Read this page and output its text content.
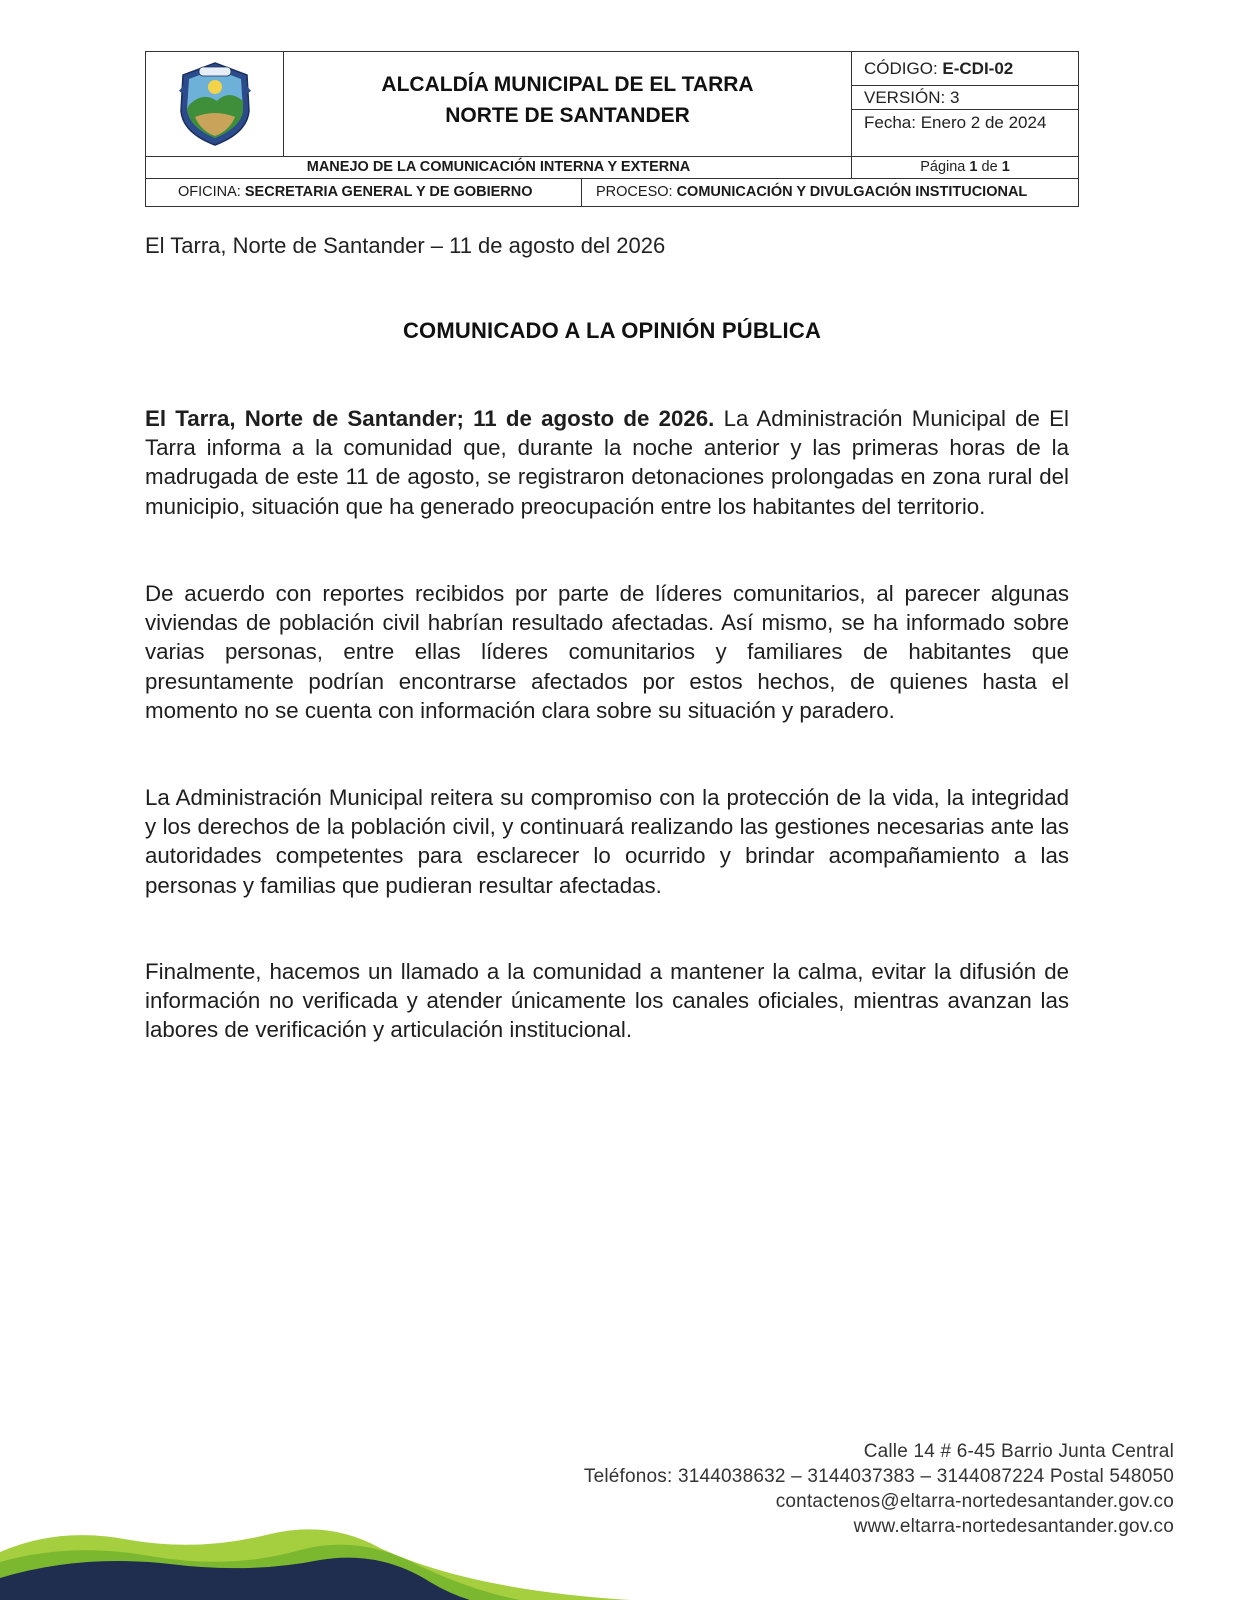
ALCALDÍA MUNICIPAL DE EL TARRA
NORTE DE SANTANDER
CÓDIGO:
E-CDI-02
VERSIÓN: 3
Fecha: Enero 2 de 2024
MANEJO DE LA COMUNICACIÓN INTERNA Y EXTERNA	Página 1 de 1
OFICINA: SECRETARIA GENERAL Y DE GOBIERNO	PROCESO: COMUNICACIÓN Y DIVULGACIÓN INSTITUCIONAL
El Tarra, Norte de Santander – 11 de agosto del 2026
COMUNICADO A LA OPINIÓN PÚBLICA

El Tarra, Norte de Santander; 11 de agosto de 2026. La Administración Municipal de El Tarra informa a la comunidad que, durante la noche anterior y las primeras horas de la madrugada de este 11 de agosto, se registraron detonaciones prolongadas en zona rural del municipio, situación que ha generado preocupación entre los habitantes del territorio.

De acuerdo con reportes recibidos por parte de líderes comunitarios, al parecer algunas viviendas de población civil habrían resultado afectadas. Así mismo, se ha informado sobre varias personas, entre ellas líderes comunitarios y familiares de habitantes que presuntamente podrían encontrarse afectados por estos hechos, de quienes hasta el momento no se cuenta con información clara sobre su situación y paradero.

La Administración Municipal reitera su compromiso con la protección de la vida, la integridad y los derechos de la población civil, y continuará realizando las gestiones necesarias ante las autoridades competentes para esclarecer lo ocurrido y brindar acompañamiento a las personas y familias que pudieran resultar afectadas.

Finalmente, hacemos un llamado a la comunidad a mantener la calma, evitar la difusión de información no verificada y atender únicamente los canales oficiales, mientras avanzan las labores de verificación y articulación institucional.

Calle 14 # 6-45 Barrio Junta Central
Teléfonos: 3144038632 – 3144037383 – 3144087224 Postal 548050
contactenos@eltarra-nortedesantander.gov.co
www.eltarra-nortedesantander.gov.co
